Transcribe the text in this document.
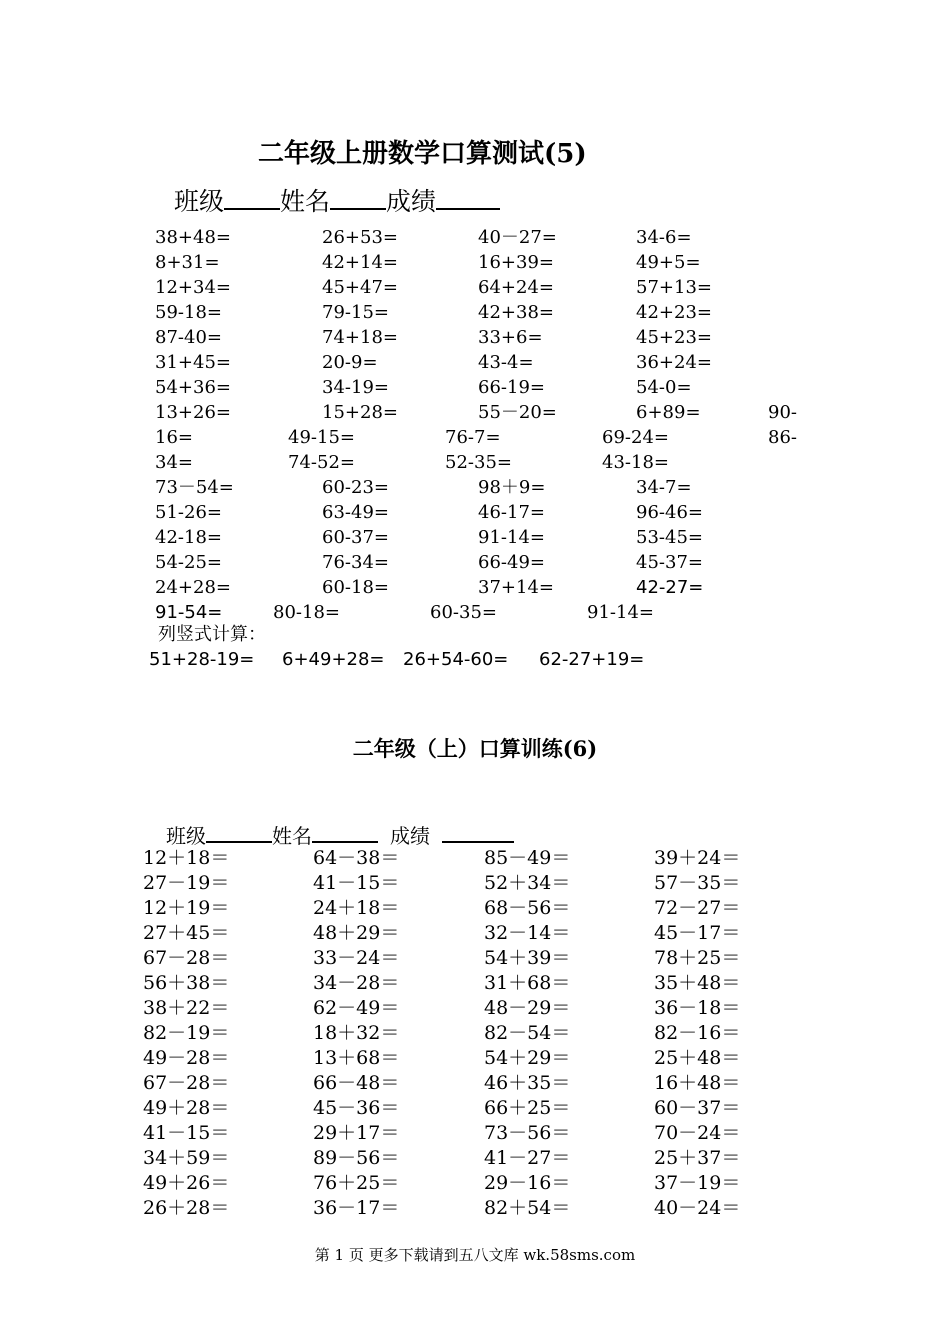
二年级上册数学口算测试(5)
班级 姓名 成绩
38+48=	26+53=	40－27=	34-6=
8+31=	42+14=	16+39=	49+5=
12+34=	45+47=	64+24=	57+13=
59-18=	79-15=	42+38=	42+23=
87-40=	74+18=	33+6=	45+23=
31+45=	20-9=	43-4=	36+24=
54+36=	34-19=	66-19=	54-0=
13+26=	15+28=	55－20=	6+89=	90-
16=	49-15=	76-7=	69-24=	86-
34=	74-52=	52-35=	43-18=
73－54=	60-23=	98＋9=	34-7=
51-26=	63-49=	46-17=	96-46=
42-18=	60-37=	91-14=	53-45=
54-25=	76-34=	66-49=	45-37=
24+28=	60-18=	37+14=	42-27=
91-54=	80-18=	60-35=	91-14=
列竖式计算：
51+28-19= 6+49+28= 26+54-60= 62-27+19=
二年级（上）口算训练(6)
班级	姓名	成绩
12＋18＝	64－38＝	85－49＝	39＋24＝
27－19＝	41－15＝	52＋34＝	57－35＝
12＋19＝	24＋18＝	68－56＝	72－27＝
27＋45＝	48＋29＝	32－14＝	45－17＝
67－28＝	33－24＝	54＋39＝	78＋25＝
56＋38＝	34－28＝	31＋68＝	35＋48＝
38＋22＝	62－49＝	48－29＝	36－18＝
82－19＝	18＋32＝	82－54＝	82－16＝
49－28＝	13＋68＝	54＋29＝	25＋48＝
67－28＝	66－48＝	46＋35＝	16＋48＝
49＋28＝	45－36＝	66＋25＝	60－37＝
41－15＝	29＋17＝	73－56＝	70－24＝
34＋59＝	89－56＝	41－27＝	25＋37＝
49＋26＝	76＋25＝	29－16＝	37－19＝
26＋28＝	36－17＝	82＋54＝	40－24＝
第 1 页 更多下载请到五八文库 wk.58sms.com
